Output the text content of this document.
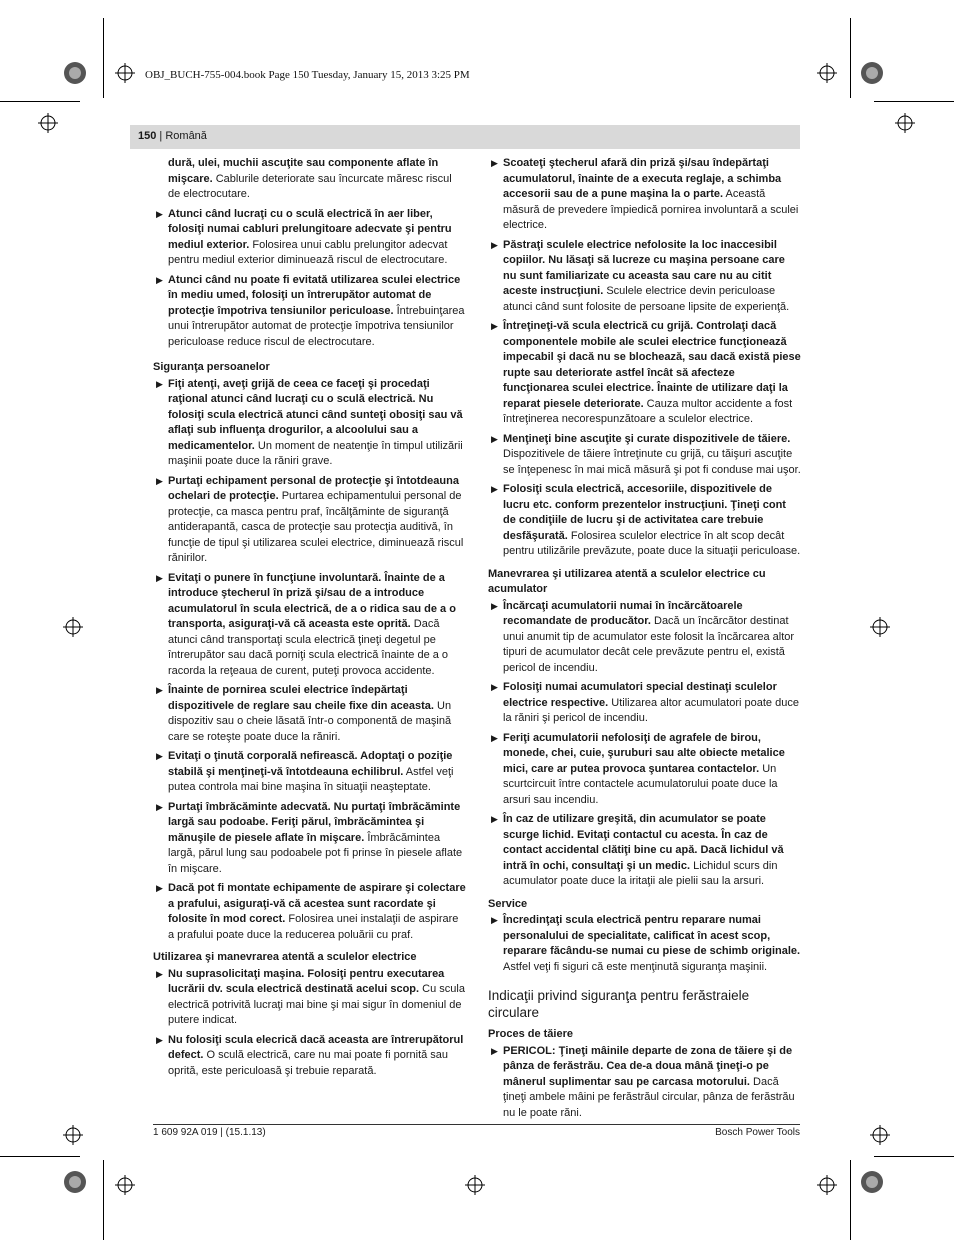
OBJ_BUCH-755-004.book Page 150 Tuesday, January 15, 2013 3:25 PM
150 | Română

dură, ulei, muchii ascuţite sau componente aflate în mişcare. Cablurile deteriorate sau încurcate măresc riscul de electrocutare.

▶ Atunci când lucraţi cu o sculă electrică în aer liber, folosiţi numai cabluri prelungitoare adecvate şi pentru mediul exterior. Folosirea unui cablu prelungitor adecvat pentru mediul exterior diminuează riscul de electrocutare.
▶ Atunci când nu poate fi evitată utilizarea sculei electrice în mediu umed, folosiţi un întrerupător automat de protecţie împotriva tensiunilor periculoase. Întrebuinţarea unui întrerupător automat de protecţie împotriva tensiunilor periculoase reduce riscul de electrocutare.
Siguranţa persoanelor
▶ Fiţi atenţi, aveţi grijă de ceea ce faceţi şi procedaţi raţional atunci când lucraţi cu o sculă electrică. Nu folosiţi scula electrică atunci când sunteţi obosiţi sau vă aflaţi sub influenţa drogurilor, a alcoolului sau a medicamentelor. Un moment de neatenţie în timpul utilizării maşinii poate duce la răniri grave.
▶ Purtaţi echipament personal de protecţie şi întotdeauna ochelari de protecţie. Purtarea echipamentului personal de protecţie, ca masca pentru praf, încălţăminte de siguranţă antiderapantă, casca de protecţie sau protecţia auditivă, în funcţie de tipul şi utilizarea sculei electrice, diminuează riscul rănirilor.
▶ Evitaţi o punere în funcţiune involuntară. Înainte de a introduce ştecherul în priză şi/sau de a introduce acumulatorul în scula electrică, de a o ridica sau de a o transporta, asiguraţi-vă că aceasta este oprită. Dacă atunci când transportaţi scula electrică ţineţi degetul pe întrerupător sau dacă porniţi scula electrică înainte de a o racorda la reţeaua de curent, puteţi provoca accidente.
▶ Înainte de pornirea sculei electrice îndepărtaţi dispozitivele de reglare sau cheile fixe din aceasta. Un dispozitiv sau o cheie lăsată într-o componentă de maşină care se roteşte poate duce la răniri.
▶ Evitaţi o ţinută corporală nefirească. Adoptaţi o poziţie stabilă şi menţineţi-vă întotdeauna echilibrul. Astfel veţi putea controla mai bine maşina în situaţii neaşteptate.
▶ Purtaţi îmbrăcăminte adecvată. Nu purtaţi îmbrăcăminte largă sau podoabe. Feriţi părul, îmbrăcămintea şi mănuşile de piesele aflate în mişcare. Îmbrăcămintea largă, părul lung sau podoabele pot fi prinse în piesele aflate în mişcare.
▶ Dacă pot fi montate echipamente de aspirare şi colectare a prafului, asiguraţi-vă că acestea sunt racordate şi folosite în mod corect. Folosirea unei instalaţii de aspirare a prafului poate duce la reducerea poluării cu praf.
Utilizarea şi manevrarea atentă a sculelor electrice
▶ Nu suprasolicitaţi maşina. Folosiţi pentru executarea lucrării dv. scula electrică destinată acelui scop. Cu scula electrică potrivită lucraţi mai bine şi mai sigur în domeniul de putere indicat.
▶ Nu folosiţi scula elecrică dacă aceasta are întrerupătorul defect. O sculă electrică, care nu mai poate fi pornită sau oprită, este periculoasă şi trebuie reparată.
▶ Scoateţi ştecherul afară din priză şi/sau îndepărtaţi acumulatorul, înainte de a executa reglaje, a schimba accesorii sau de a pune maşina la o parte. Această măsură de prevedere împiedică pornirea involuntară a sculei electrice.
▶ Păstraţi sculele electrice nefolosite la loc inaccesibil copiilor. Nu lăsaţi să lucreze cu maşina persoane care nu sunt familiarizate cu aceasta sau care nu au citit aceste instrucţiuni. Sculele electrice devin periculoase atunci când sunt folosite de persoane lipsite de experienţă.
▶ Întreţineţi-vă scula electrică cu grijă. Controlaţi dacă componentele mobile ale sculei electrice funcţionează impecabil şi dacă nu se blochează, sau dacă există piese rupte sau deteriorate astfel încât să afecteze funcţionarea sculei electrice. Înainte de utilizare daţi la reparat piesele deteriorate. Cauza multor accidente a fost întreţinerea necorespunzătoare a sculelor electrice.
▶ Menţineţi bine ascuţite şi curate dispozitivele de tăiere. Dispozitivele de tăiere întreţinute cu grijă, cu tăişuri ascuţite se înţepenesc în mai mică măsură şi pot fi conduse mai uşor.
▶ Folosiţi scula electrică, accesoriile, dispozitivele de lucru etc. conform prezentelor instrucţiuni. Ţineţi cont de condiţiile de lucru şi de activitatea care trebuie desfăşurată. Folosirea sculelor electrice în alt scop decât pentru utilizările prevăzute, poate duce la situaţii periculoase.
Manevrarea şi utilizarea atentă a sculelor electrice cu acumulator
▶ Încărcaţi acumulatorii numai în încărcătoarele recomandate de producător. Dacă un încărcător destinat unui anumit tip de acumulator este folosit la încărcarea altor tipuri de acumulator decât cele prevăzute pentru el, există pericol de incendiu.
▶ Folosiţi numai acumulatori special destinaţi sculelor electrice respective. Utilizarea altor acumulatori poate duce la răniri şi pericol de incendiu.
▶ Feriţi acumulatorii nefolosiţi de agrafele de birou, monede, chei, cuie, şuruburi sau alte obiecte metalice mici, care ar putea provoca şuntarea contactelor. Un scurtcircuit între contactele acumulatorului poate duce la arsuri sau incendiu.
▶ În caz de utilizare greşită, din acumulator se poate scurge lichid. Evitaţi contactul cu acesta. În caz de contact accidental clătiţi bine cu apă. Dacă lichidul vă intră în ochi, consultaţi şi un medic. Lichidul scurs din acumulator poate duce la iritaţii ale pielii sau la arsuri.
Service
▶ Încredinţaţi scula electrică pentru reparare numai personalului de specialitate, calificat în acest scop, reparare făcându-se numai cu piese de schimb originale. Astfel veţi fi siguri că este menţinută siguranţa maşinii.
Indicaţii privind siguranţa pentru ferăstraiele circulare
Proces de tăiere
▶ PERICOL: Ţineţi mâinile departe de zona de tăiere şi de pânza de ferăstrău. Cea de-a doua mână ţineţi-o pe mânerul suplimentar sau pe carcasa motorului. Dacă ţineţi ambele mâini pe ferăstrăul circular, pânza de ferăstrău nu le poate răni.
1 609 92A 019 | (15.1.13)	Bosch Power Tools
